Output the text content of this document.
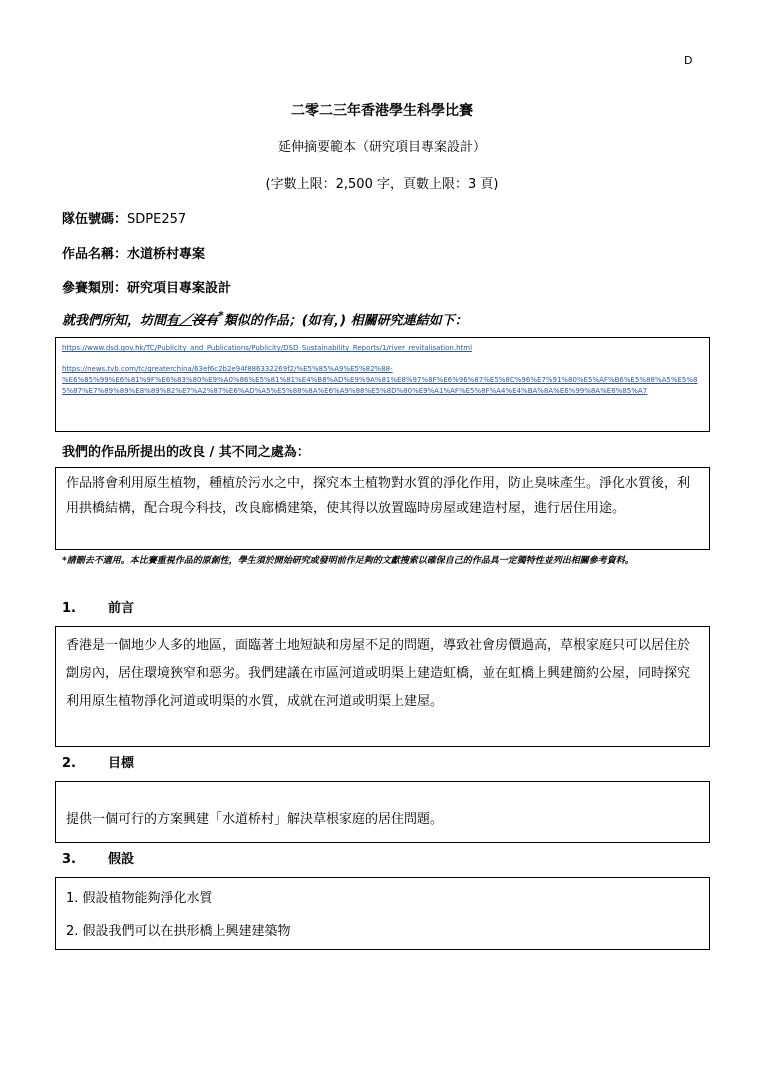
D
二零二三年香港學生科學比賽
延伸摘要範本（研究項目專案設計）
(字數上限：2,500 字，頁數上限：3 頁)
隊伍號碼：SDPE257
作品名稱：水道桥村專案
參賽類別：研究項目專案設計
就我們所知，坊間有／沒有*類似的作品；(如有，) 相關研究連結如下：
https://www.dsd.gov.hk/TC/Publicity_and_Publications/Publicity/DSD_Sustainability_Reports/1/river_revitalisation.html
https://news.tvb.com/tc/greaterchina/63ef6c2b2e94f886332269f2/%E5%85%A9%E5%82%88-
%E6%85%99%E6%81%9F%E6%83%80%E9%A0%86%E5%81%81%E4%B8%AD%E9%9A%81%E8%97%8F%E6%96%87%E5%8C%96%E7%91%80%E5%AF%B6%E5%88%A5%E5%8
5%87%E7%89%89%E8%89%82%E7%A2%87%E6%AD%A5%E5%88%8A%E6%A9%88%E5%8D%80%E9%A1%AF%E5%8F%A4%E4%BA%8A%E6%99%8A%E6%85%A7
我們的作品所提出的改良 / 其不同之處為：
作品將會利用原生植物，種植於污水之中，探究本土植物對水質的淨化作用，防止臭味產生。淨化水質後，利用拱橋結構，配合現今科技，改良廊橋建築，使其得以放置臨時房屋或建造村屋，進行居住用途。
*請刪去不適用。本比賽重視作品的原創性，學生須於開始研究或發明前作足夠的文獻搜索以確保自己的作品具一定獨特性並列出相關參考資料。
1. 前言
香港是一個地少人多的地區，面臨著土地短缺和房屋不足的問題，導致社會房價過高，草根家庭只可以居住於劏房內，居住環境狹窄和惡劣。我們建議在市區河道或明渠上建造虹橋，並在虹橋上興建簡約公屋，同時探究利用原生植物淨化河道或明渠的水質，成就在河道或明渠上建屋。
2. 目標
提供一個可行的方案興建「水道桥村」解決草根家庭的居住問題。
3. 假設
1. 假設植物能夠淨化水質
2. 假設我們可以在拱形橋上興建建築物
